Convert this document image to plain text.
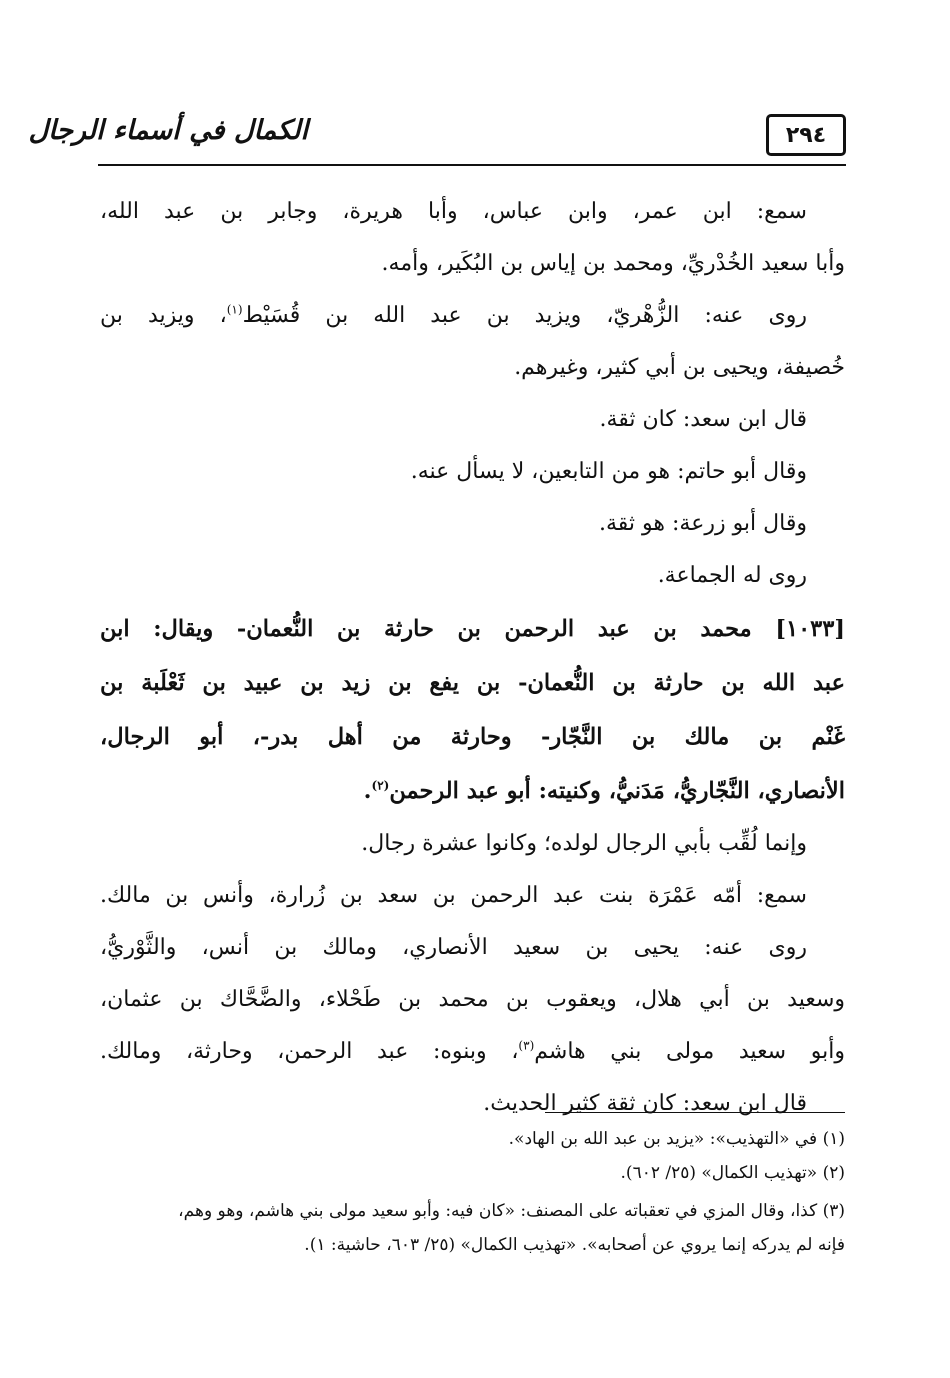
٢٩٤
الكمال في أسماء الرجال
سمع: ابن عمر، وابن عباس، وأبا هريرة، وجابر بن عبد الله،
وأبا سعيد الخُدْريِّ، ومحمد بن إياس بن البُكَير، وأمه.
روى عنه: الزُّهْريّ، ويزيد بن عبد الله بن قُسَيْط$^{(١)}$، ويزيد بن
خُصيفة، ويحيى بن أبي كثير، وغيرهم.
قال ابن سعد: كان ثقة.
وقال أبو حاتم: هو من التابعين، لا يسأل عنه.
وقال أبو زرعة: هو ثقة.
روى له الجماعة.
[١٠٣٣] محمد بن عبد الرحمن بن حارثة بن النُّعمان- ويقال: ابن
عبد الله بن حارثة بن النُّعمان- بن يفع بن زيد بن عبيد بن ثَعْلَبة بن
غَنْم بن مالك بن النَّجّار- وحارثة من أهل بدر-، أبو الرجال،
الأنصاري، النَّجّاريُّ، مَدَنيُّ، وكنيته: أبو عبد الرحمن$^{(٢)}$.
وإنما لُقِّب بأبي الرجال لولده؛ وكانوا عشرة رجال.
سمع: أمّه عَمْرَة بنت عبد الرحمن بن سعد بن زُرارة، وأنس بن مالك.
روى عنه: يحيى بن سعيد الأنصاري، ومالك بن أنس، والثَّوْريُّ،
وسعيد بن أبي هلال، ويعقوب بن محمد بن طَحْلاء، والضَّحَّاك بن عثمان،
وأبو سعيد مولى بني هاشم$^{(٣)}$، وبنوه: عبد الرحمن، وحارثة، ومالك.
قال ابن سعد: كان ثقة كثير الحديث.
(١) في «التهذيب»: «يزيد بن عبد الله بن الهاد».
(٢) «تهذيب الكمال» (٢٥/ ٦٠٢).
(٣) كذا، وقال المزي في تعقباته على المصنف: «كان فيه: وأبو سعيد مولى بني هاشم، وهو وهم،
فإنه لم يدركه إنما يروي عن أصحابه». «تهذيب الكمال» (٢٥/ ٦٠٣، حاشية: ١).
